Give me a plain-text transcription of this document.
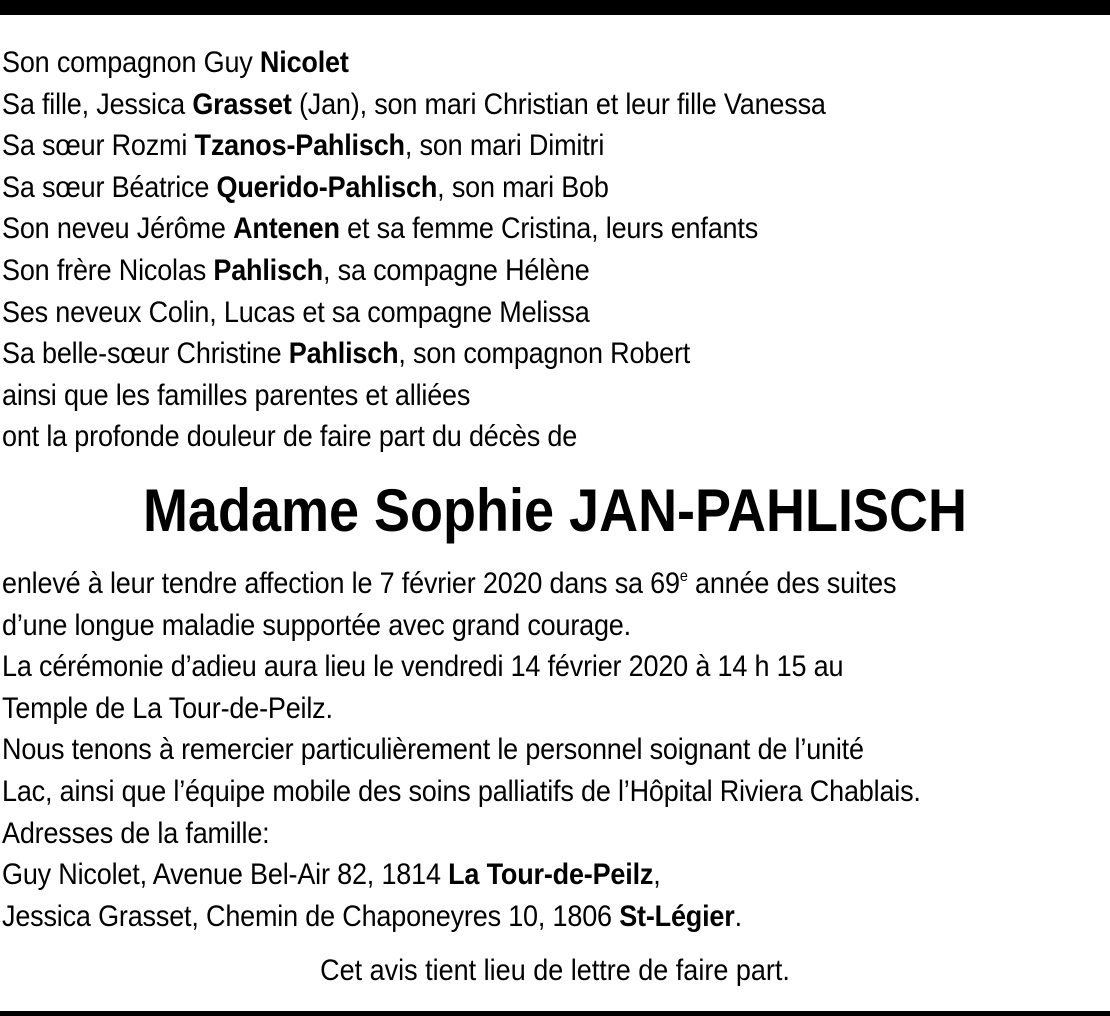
Son compagnon Guy Nicolet
Sa fille, Jessica Grasset (Jan), son mari Christian et leur fille Vanessa
Sa sœur Rozmi Tzanos-Pahlisch, son mari Dimitri
Sa sœur Béatrice Querido-Pahlisch, son mari Bob
Son neveu Jérôme Antenen et sa femme Cristina, leurs enfants
Son frère Nicolas Pahlisch, sa compagne Hélène
Ses neveux Colin, Lucas et sa compagne Melissa
Sa belle-sœur Christine Pahlisch, son compagnon Robert
ainsi que les familles parentes et alliées
ont la profonde douleur de faire part du décès de
Madame Sophie JAN-PAHLISCH
enlevé à leur tendre affection le 7 février 2020 dans sa 69e année des suites
d’une longue maladie supportée avec grand courage.
La cérémonie d’adieu aura lieu le vendredi 14 février 2020 à 14 h 15 au
Temple de La Tour-de-Peilz.
Nous tenons à remercier particulièrement le personnel soignant de l’unité
Lac, ainsi que l’équipe mobile des soins palliatifs de l’Hôpital Riviera Chablais.
Adresses de la famille:
Guy Nicolet, Avenue Bel-Air 82, 1814 La Tour-de-Peilz,
Jessica Grasset, Chemin de Chaponeyres 10, 1806 St-Légier.
Cet avis tient lieu de lettre de faire part.
